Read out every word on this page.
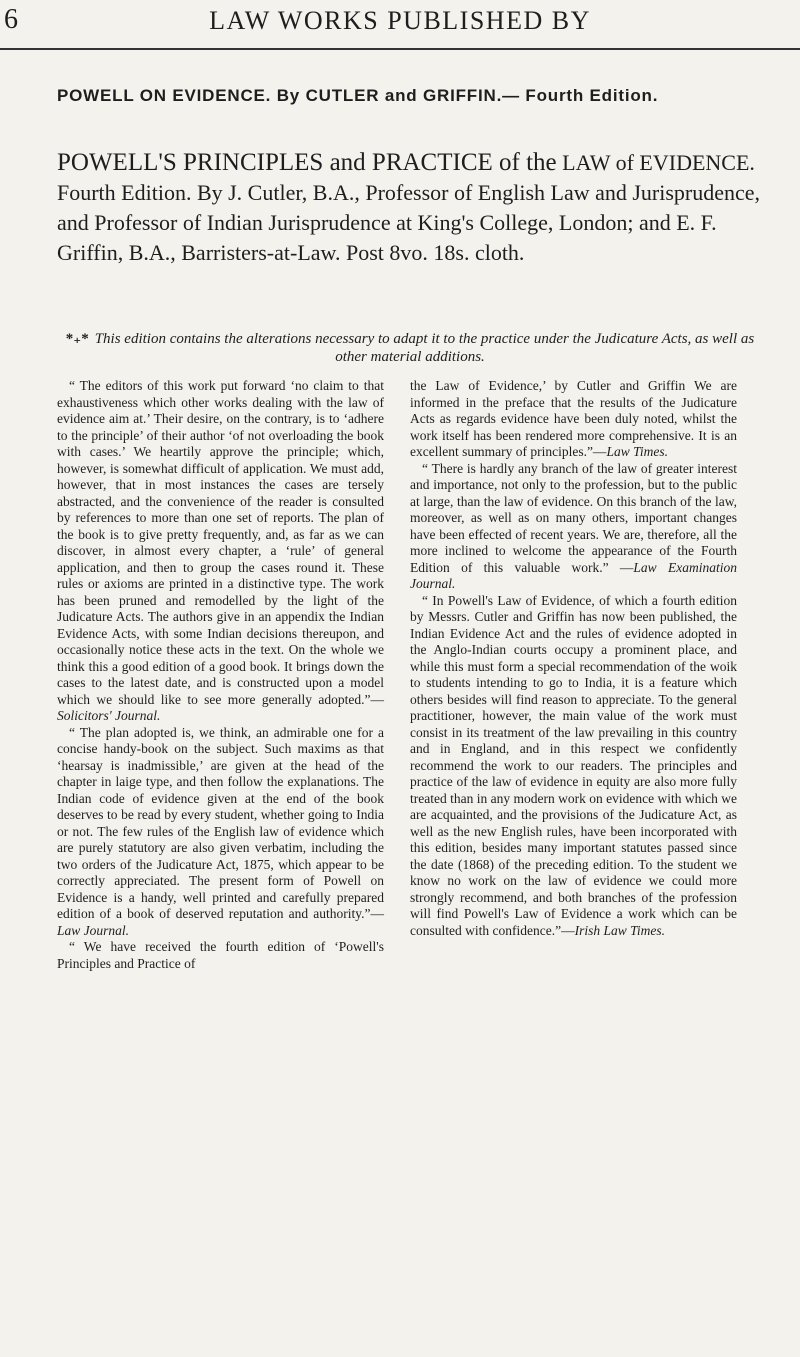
6	LAW WORKS PUBLISHED BY

POWELL ON EVIDENCE. By CUTLER and GRIFFIN.— Fourth Edition.

POWELL'S PRINCIPLES and PRACTICE of the LAW of EVIDENCE. Fourth Edition. By J. Cutler, B.A., Professor of English Law and Jurisprudence, and Professor of Indian Jurisprudence at King's College, London; and E. F. Griffin, B.A., Barristers-at-Law. Post 8vo. 18s. cloth.

*₊* This edition contains the alterations necessary to adapt it to the practice under the Judicature Acts, as well as other material additions.

“ The editors of this work put forward ‘no claim to that exhaustiveness which other works dealing with the law of evidence aim at.’ Their desire, on the contrary, is to ‘adhere to the principle’ of their author ‘of not overloading the book with cases.’ We heartily approve the principle; which, however, is somewhat difficult of application. We must add, however, that in most instances the cases are tersely abstracted, and the convenience of the reader is consulted by references to more than one set of reports. The plan of the book is to give pretty frequently, and, as far as we can discover, in almost every chapter, a ‘rule’ of general application, and then to group the cases round it. These rules or axioms are printed in a distinctive type. The work has been pruned and remodelled by the light of the Judicature Acts. The authors give in an appendix the Indian Evidence Acts, with some Indian decisions thereupon, and occasionally notice these acts in the text. On the whole we think this a good edition of a good book. It brings down the cases to the latest date, and is constructed upon a model which we should like to see more generally adopted.”—Solicitors' Journal.

“ The plan adopted is, we think, an admirable one for a concise handy-book on the subject. Such maxims as that ‘hearsay is inadmissible,’ are given at the head of the chapter in laige type, and then follow the explanations. The Indian code of evidence given at the end of the book deserves to be read by every student, whether going to India or not. The few rules of the English law of evidence which are purely statutory are also given verbatim, including the two orders of the Judicature Act, 1875, which appear to be correctly appreciated. The present form of Powell on Evidence is a handy, well printed and carefully prepared edition of a book of deserved reputation and authority.”—Law Journal.

“ We have received the fourth edition of ‘Powell's Principles and Practice of

the Law of Evidence,’ by Cutler and Griffin We are informed in the preface that the results of the Judicature Acts as regards evidence have been duly noted, whilst the work itself has been rendered more comprehensive. It is an excellent summary of principles.”—Law Times.

“ There is hardly any branch of the law of greater interest and importance, not only to the profession, but to the public at large, than the law of evidence. On this branch of the law, moreover, as well as on many others, important changes have been effected of recent years. We are, therefore, all the more inclined to welcome the appearance of the Fourth Edition of this valuable work.” —Law Examination Journal.

“ In Powell's Law of Evidence, of which a fourth edition by Messrs. Cutler and Griffin has now been published, the Indian Evidence Act and the rules of evidence adopted in the Anglo-Indian courts occupy a prominent place, and while this must form a special recommendation of the woik to students intending to go to India, it is a feature which others besides will find reason to appreciate. To the general practitioner, however, the main value of the work must consist in its treatment of the law prevailing in this country and in England, and in this respect we confidently recommend the work to our readers. The principles and practice of the law of evidence in equity are also more fully treated than in any modern work on evidence with which we are acquainted, and the provisions of the Judicature Act, as well as the new English rules, have been incorporated with this edition, besides many important statutes passed since the date (1868) of the preceding edition. To the student we know no work on the law of evidence we could more strongly recommend, and both branches of the profession will find Powell's Law of Evidence a work which can be consulted with confidence.”—Irish Law Times.
